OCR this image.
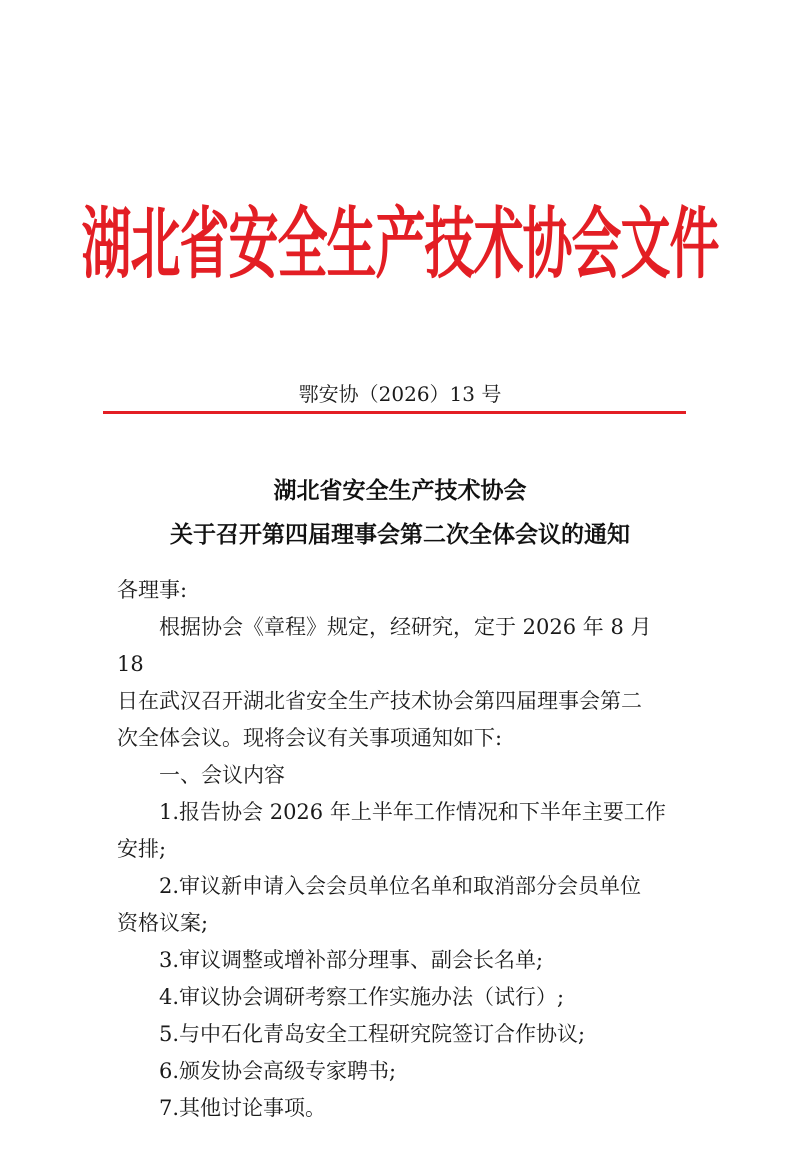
湖北省安全生产技术协会文件
鄂安协（2026）13 号
湖北省安全生产技术协会
关于召开第四届理事会第二次全体会议的通知

各理事:

根据协会《章程》规定，经研究，定于 2026 年 8 月 18

日在武汉召开湖北省安全生产技术协会第四届理事会第二

次全体会议。现将会议有关事项通知如下:

一、会议内容

1.报告协会 2026 年上半年工作情况和下半年主要工作

安排;

2.审议新申请入会会员单位名单和取消部分会员单位

资格议案;

3.审议调整或增补部分理事、副会长名单;

4.审议协会调研考察工作实施办法（试行）;

5.与中石化青岛安全工程研究院签订合作协议;

6.颁发协会高级专家聘书;

7.其他讨论事项。
